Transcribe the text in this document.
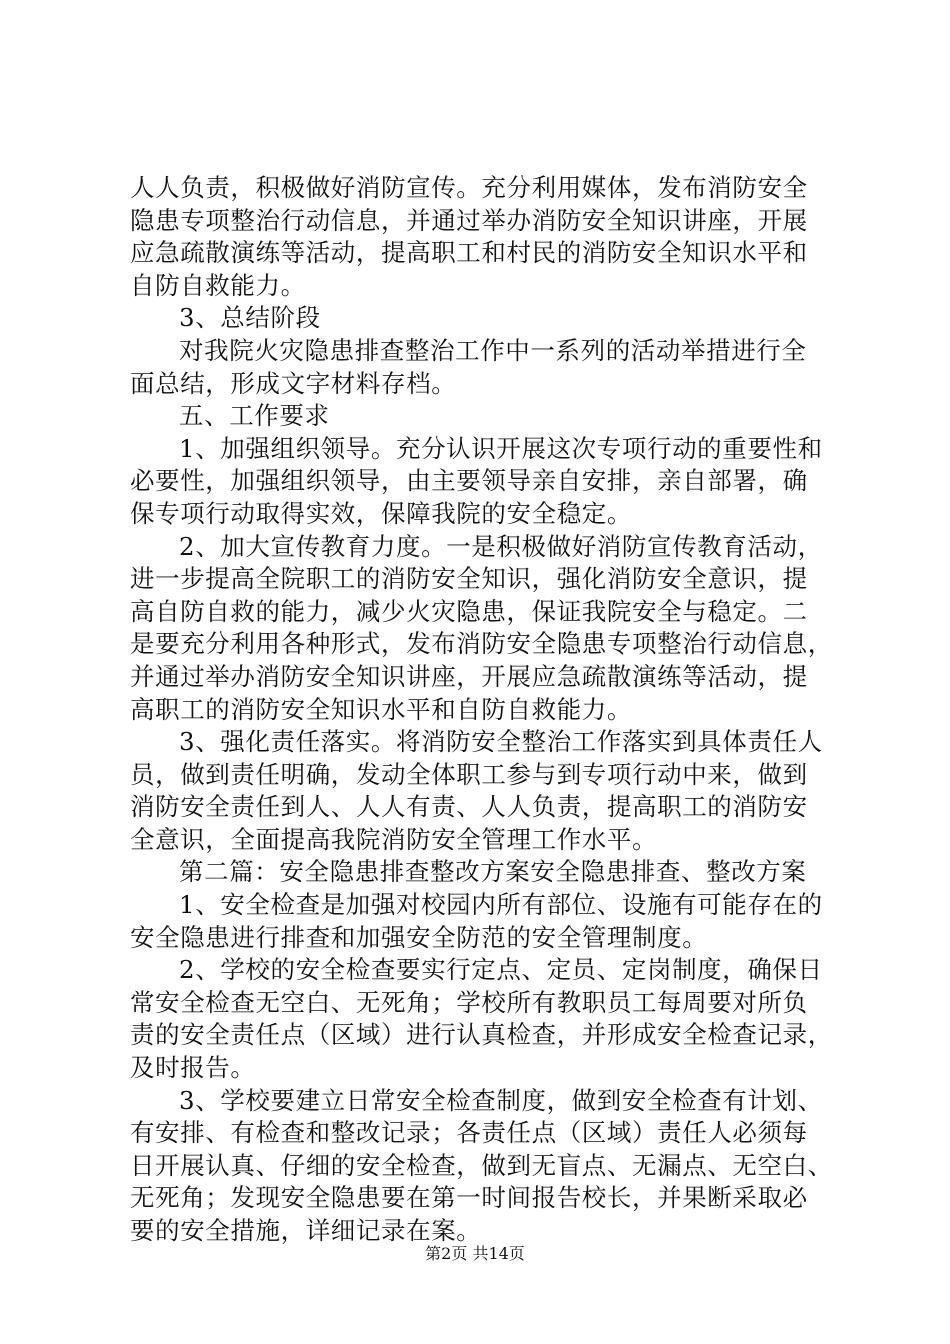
人人负责，积极做好消防宣传。充分利用媒体，发布消防安全
隐患专项整治行动信息，并通过举办消防安全知识讲座，开展
应急疏散演练等活动，提高职工和村民的消防安全知识水平和
自防自救能力。
3、总结阶段
对我院火灾隐患排查整治工作中一系列的活动举措进行全
面总结，形成文字材料存档。
五、工作要求
1、加强组织领导。充分认识开展这次专项行动的重要性和
必要性，加强组织领导，由主要领导亲自安排，亲自部署，确
保专项行动取得实效，保障我院的安全稳定。
2、加大宣传教育力度。一是积极做好消防宣传教育活动，
进一步提高全院职工的消防安全知识，强化消防安全意识，提
高自防自救的能力，减少火灾隐患，保证我院安全与稳定。二
是要充分利用各种形式，发布消防安全隐患专项整治行动信息，
并通过举办消防安全知识讲座，开展应急疏散演练等活动，提
高职工的消防安全知识水平和自防自救能力。
3、强化责任落实。将消防安全整治工作落实到具体责任人
员，做到责任明确，发动全体职工参与到专项行动中来，做到
消防安全责任到人、人人有责、人人负责，提高职工的消防安
全意识，全面提高我院消防安全管理工作水平。
第二篇：安全隐患排查整改方案安全隐患排查、整改方案
1、安全检查是加强对校园内所有部位、设施有可能存在的
安全隐患进行排查和加强安全防范的安全管理制度。
2、学校的安全检查要实行定点、定员、定岗制度，确保日
常安全检查无空白、无死角；学校所有教职员工每周要对所负
责的安全责任点（区域）进行认真检查，并形成安全检查记录，
及时报告。
3、学校要建立日常安全检查制度，做到安全检查有计划、
有安排、有检查和整改记录；各责任点（区域）责任人必须每
日开展认真、仔细的安全检查，做到无盲点、无漏点、无空白、
无死角；发现安全隐患要在第一时间报告校长，并果断采取必
要的安全措施，详细记录在案。
第2页 共14页
